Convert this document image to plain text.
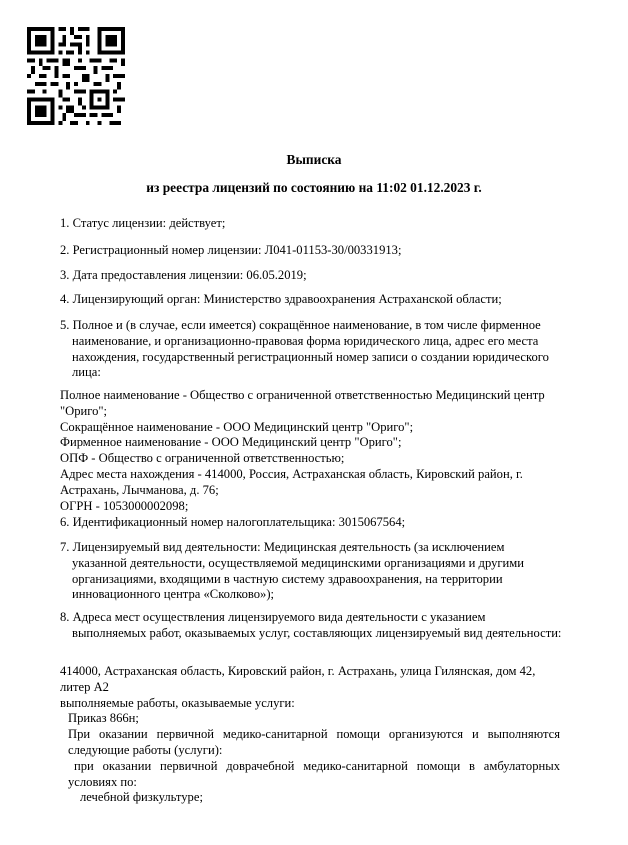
Выписка
из реестра лицензий по состоянию на 11:02 01.12.2023 г.
1. Статус лицензии: действует;
2. Регистрационный номер лицензии: Л041-01153-30/00331913;
3. Дата предоставления лицензии: 06.05.2019;
4. Лицензирующий орган: Министерство здравоохранения Астраханской области;
5. Полное и (в случае, если имеется) сокращённое наименование, в том числе фирменное наименование, и организационно-правовая форма юридического лица, адрес его места нахождения, государственный регистрационный номер записи о создании юридического лица:

Полное наименование - Общество с ограниченной ответственностью Медицинский центр "Ориго";

Сокращённое наименование - ООО Медицинский центр "Ориго";

Фирменное наименование - ООО Медицинский центр "Ориго";

ОПФ - Общество с ограниченной ответственностью;

Адрес места нахождения - 414000, Россия, Астраханская область, Кировский район, г. Астрахань, Лычманова, д. 76;

ОГРН - 1053000002098;

6. Идентификационный номер налогоплательщика: 3015067564;
7. Лицензируемый вид деятельности: Медицинская деятельность (за исключением указанной деятельности, осуществляемой медицинскими организациями и другими организациями, входящими в частную систему здравоохранения, на территории инновационного центра «Сколково»);
8. Адреса мест осуществления лицензируемого вида деятельности с указанием выполняемых работ, оказываемых услуг, составляющих лицензируемый вид деятельности:

414000, Астраханская область, Кировский район, г. Астрахань, улица Гилянская, дом 42, литер А2

выполняемые работы, оказываемые услуги:

Приказ 866н;

При оказании первичной медико-санитарной помощи организуются и выполняются следующие работы (услуги):

при оказании первичной доврачебной медико-санитарной помощи в амбулаторных условиях по:

лечебной физкультуре;
